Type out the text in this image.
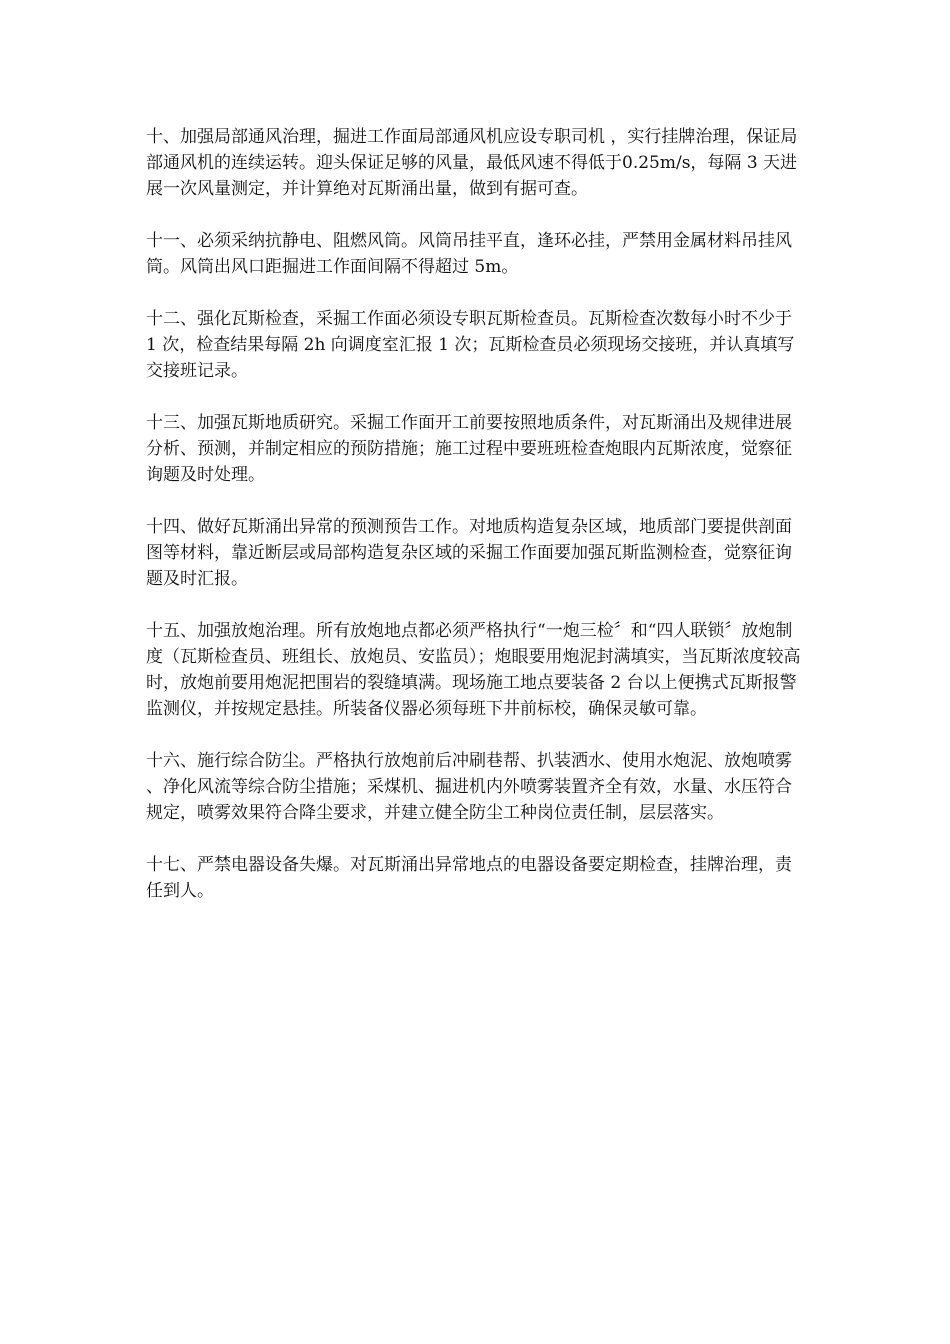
十、加强局部通风治理，掘进工作面局部通风机应设专职司机 ，实行挂牌治理，保证局部通风机的连续运转。迎头保证足够的风量，最低风速不得低于0.25m/s，每隔 3 天进展一次风量测定，并计算绝对瓦斯涌出量，做到有据可查。

十一、必须采纳抗静电、阻燃风筒。风筒吊挂平直，逢环必挂，严禁用金属材料吊挂风筒。风筒出风口距掘进工作面间隔不得超过 5m。

十二、强化瓦斯检查，采掘工作面必须设专职瓦斯检查员。瓦斯检查次数每小时不少于 1 次，检查结果每隔 2h 向调度室汇报 1 次；瓦斯检查员必须现场交接班，并认真填写交接班记录。

十三、加强瓦斯地质研究。采掘工作面开工前要按照地质条件，对瓦斯涌出及规律进展分析、预测，并制定相应的预防措施；施工过程中要班班检查炮眼内瓦斯浓度，觉察征询题及时处理。

十四、做好瓦斯涌出异常的预测预告工作。对地质构造复杂区域，地质部门要提供剖面图等材料，靠近断层或局部构造复杂区域的采掘工作面要加强瓦斯监测检查，觉察征询题及时汇报。

十五、加强放炮治理。所有放炮地点都必须严格执行“一炮三检〞和“四人联锁〞放炮制度（瓦斯检查员、班组长、放炮员、安监员）；炮眼要用炮泥封满填实，当瓦斯浓度较高时，放炮前要用炮泥把围岩的裂缝填满。现场施工地点要装备 2 台以上便携式瓦斯报警监测仪，并按规定悬挂。所装备仪器必须每班下井前标校，确保灵敏可靠。

十六、施行综合防尘。严格执行放炮前后冲刷巷帮、扒装洒水、使用水炮泥、放炮喷雾、净化风流等综合防尘措施；采煤机、掘进机内外喷雾装置齐全有效，水量、水压符合规定，喷雾效果符合降尘要求，并建立健全防尘工种岗位责任制，层层落实。

十七、严禁电器设备失爆。对瓦斯涌出异常地点的电器设备要定期检查，挂牌治理，责任到人。
